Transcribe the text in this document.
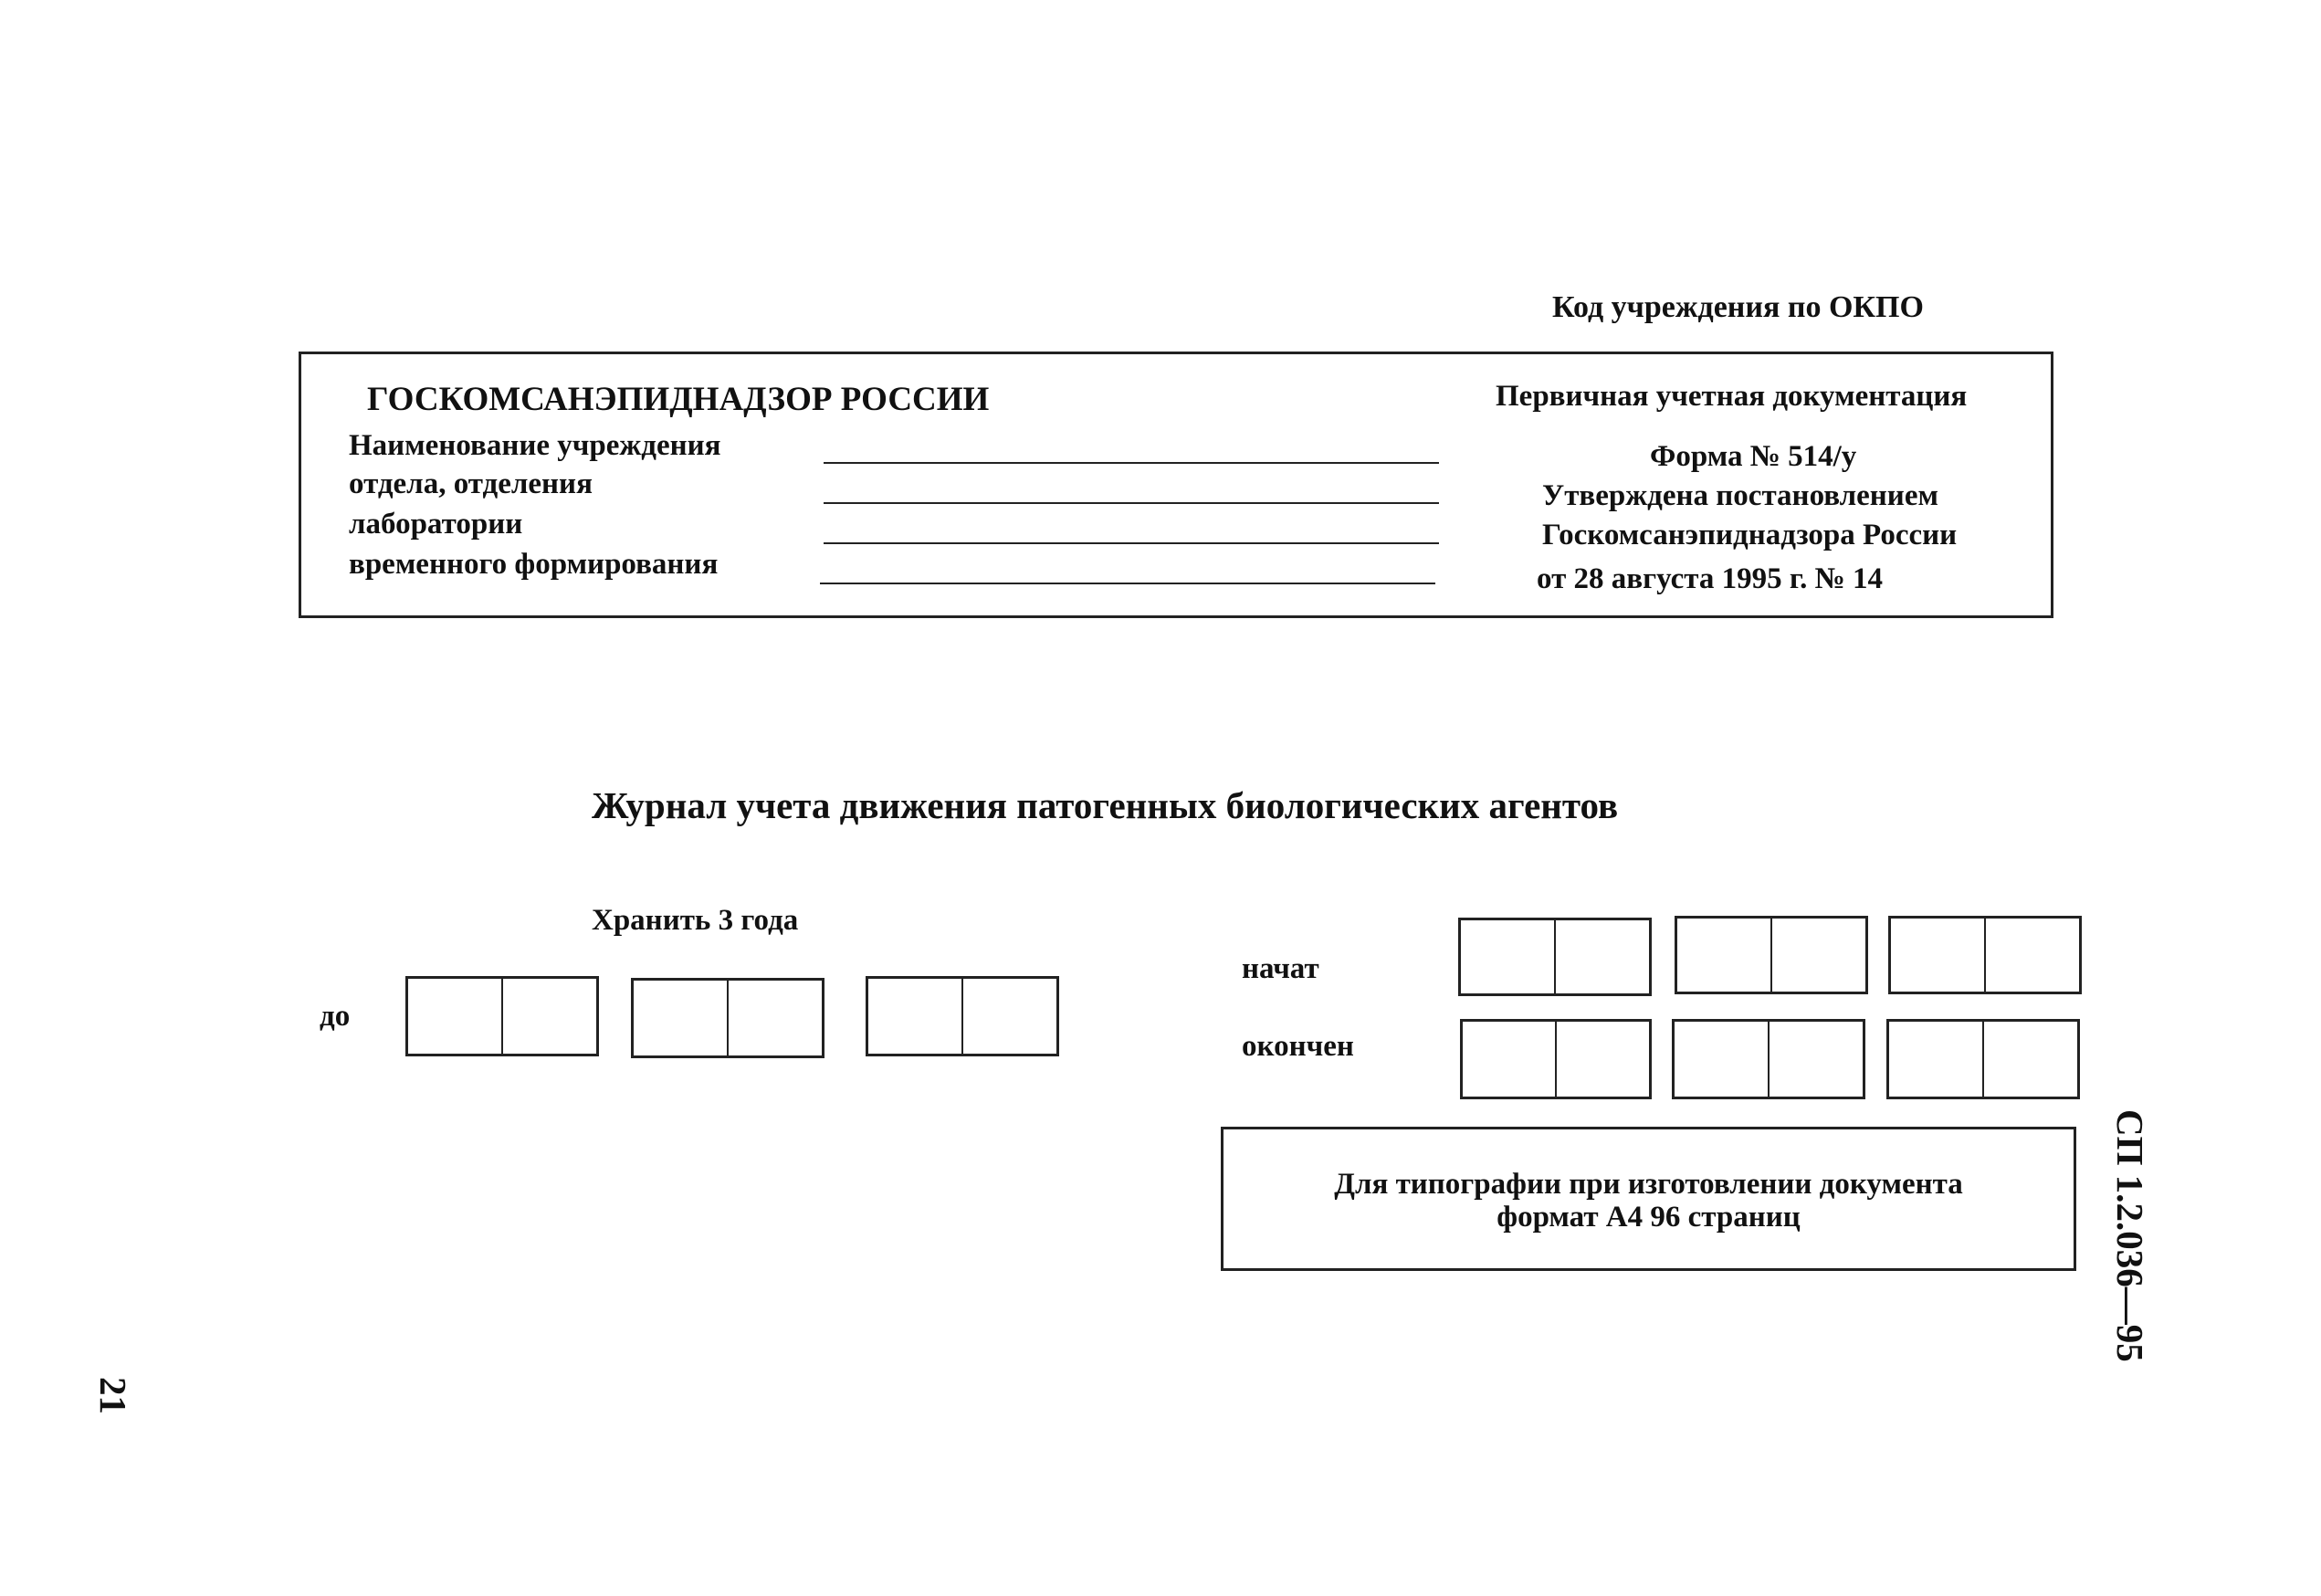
Код учреждения по ОКПО
ГОСКОМСАНЭПИДНАДЗОР РОССИИ
Наименование учреждения
отдела, отделения
лаборатории
временного формирования
Первичная учетная документация
Форма № 514/у
Утверждена постановлением
Госкомсанэпиднадзора России
от 28 августа 1995 г. № 14
Журнал учета движения патогенных биологических агентов
Хранить 3 года
до
начат
окончен
Для типографии при изготовлении документа
формат А4 96 страниц	СП 1.2.036—95
21
